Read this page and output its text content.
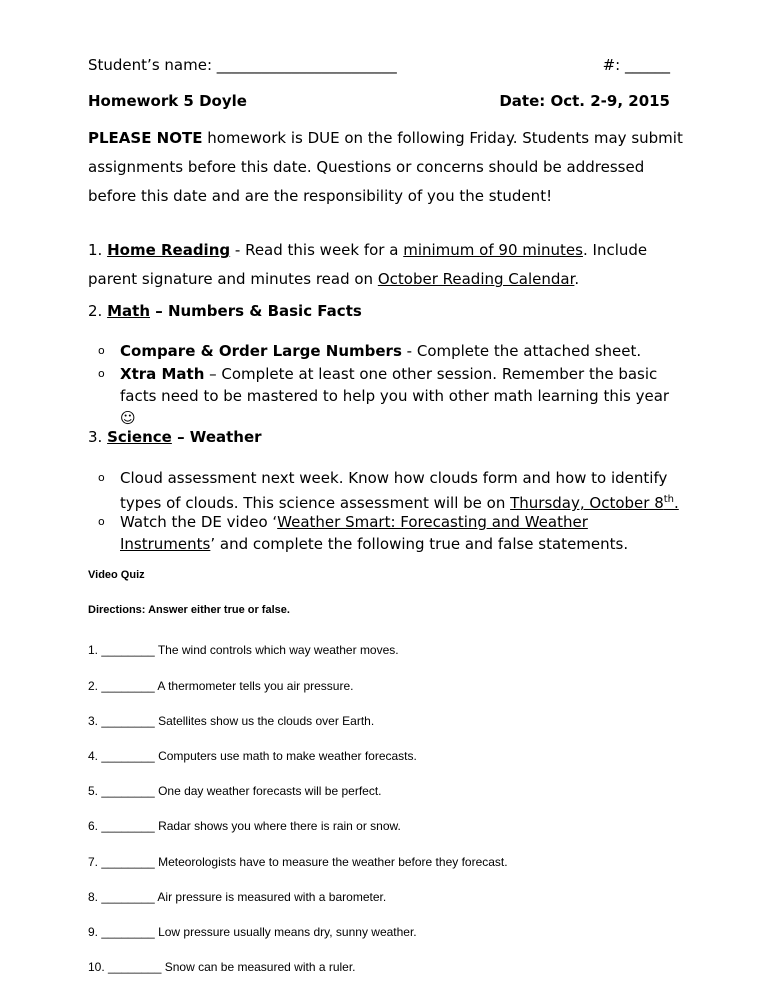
Student’s name: ________________________	#: ______
Homework 5 Doyle	Date: Oct. 2-9, 2015
PLEASE NOTE homework is DUE on the following Friday. Students may submit assignments before this date. Questions or concerns should be addressed before this date and are the responsibility of you the student!
1. Home Reading - Read this week for a minimum of 90 minutes. Include parent signature and minutes read on October Reading Calendar.
2. Math – Numbers & Basic Facts
o Compare & Order Large Numbers - Complete the attached sheet.
o Xtra Math – Complete at least one other session. Remember the basic facts need to be mastered to help you with other math learning this year ☺
3. Science – Weather
o Cloud assessment next week. Know how clouds form and how to identify types of clouds. This science assessment will be on Thursday, October 8th.
o Watch the DE video ‘Weather Smart: Forecasting and Weather Instruments’ and complete the following true and false statements.
Video Quiz
Directions: Answer either true or false.
1. ________ The wind controls which way weather moves.
2. ________ A thermometer tells you air pressure.
3. ________ Satellites show us the clouds over Earth.
4. ________ Computers use math to make weather forecasts.
5. ________ One day weather forecasts will be perfect.
6. ________ Radar shows you where there is rain or snow.
7. ________ Meteorologists have to measure the weather before they forecast.
8. ________ Air pressure is measured with a barometer.
9. ________ Low pressure usually means dry, sunny weather.
10. ________ Snow can be measured with a ruler.
